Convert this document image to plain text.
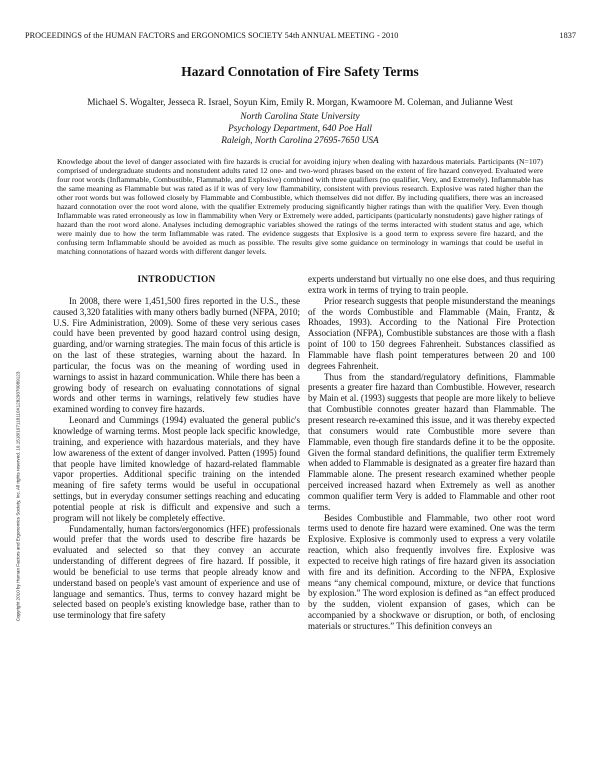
PROCEEDINGS of the HUMAN FACTORS and ERGONOMICS SOCIETY 54th ANNUAL MEETING - 2010	1837
Hazard Connotation of Fire Safety Terms
Michael S. Wogalter, Jesseca R. Israel, Soyun Kim, Emily R. Morgan, Kwamoore M. Coleman, and Julianne West
North Carolina State University
Psychology Department, 640 Poe Hall
Raleigh, North Carolina 27695-7650 USA

Knowledge about the level of danger associated with fire hazards is crucial for avoiding injury when dealing with hazardous materials. Participants (N=107) comprised of undergraduate students and nonstudent adults rated 12 one- and two-word phrases based on the extent of fire hazard conveyed. Evaluated were four root words (Inflammable, Combustible, Flammable, and Explosive) combined with three qualifiers (no qualifier, Very, and Extremely). Inflammable has the same meaning as Flammable but was rated as if it was of very low flammability, consistent with previous research. Explosive was rated higher than the other root words but was followed closely by Flammable and Combustible, which themselves did not differ. By including qualifiers, there was an increased hazard connotation over the root word alone, with the qualifier Extremely producing significantly higher ratings than with the qualifier Very. Even though Inflammable was rated erroneously as low in flammability when Very or Extremely were added, participants (particularly nonstudents) gave higher ratings of hazard than the root word alone. Analyses including demographic variables showed the ratings of the terms interacted with student status and age, which were mainly due to how the term Inflammable was rated. The evidence suggests that Explosive is a good term to express severe fire hazard, and the confusing term Inflammable should be avoided as much as possible. The results give some guidance on terminology in warnings that could be useful in matching connotations of hazard words with different danger levels.

Copyright 2010 by Human Factors and Ergonomics Society, Inc. All rights reserved. 10.1518/107118110X12829370089123
INTRODUCTION

In 2008, there were 1,451,500 fires reported in the U.S., these caused 3,320 fatalities with many others badly burned (NFPA, 2010; U.S. Fire Administration, 2009). Some of these very serious cases could have been prevented by good hazard control using design, guarding, and/or warning strategies. The main focus of this article is on the last of these strategies, warning about the hazard. In particular, the focus was on the meaning of wording used in warnings to assist in hazard communication. While there has been a growing body of research on evaluating connotations of signal words and other terms in warnings, relatively few studies have examined wording to convey fire hazards.

Leonard and Cummings (1994) evaluated the general public's knowledge of warning terms. Most people lack specific knowledge, training, and experience with hazardous materials, and they have low awareness of the extent of danger involved. Patten (1995) found that people have limited knowledge of hazard-related flammable vapor properties. Additional specific training on the intended meaning of fire safety terms would be useful in occupational settings, but in everyday consumer settings reaching and educating potential people at risk is difficult and expensive and such a program will not likely be completely effective.

Fundamentally, human factors/ergonomics (HFE) professionals would prefer that the words used to describe fire hazards be evaluated and selected so that they convey an accurate understanding of different degrees of fire hazard. If possible, it would be beneficial to use terms that people already know and understand based on people's vast amount of experience and use of language and semantics. Thus, terms to convey hazard might be selected based on people's existing knowledge base, rather than to use terminology that fire safety

experts understand but virtually no one else does, and thus requiring extra work in terms of trying to train people.

Prior research suggests that people misunderstand the meanings of the words Combustible and Flammable (Main, Frantz, & Rhoades, 1993). According to the National Fire Protection Association (NFPA), Combustible substances are those with a flash point of 100 to 150 degrees Fahrenheit. Substances classified as Flammable have flash point temperatures between 20 and 100 degrees Fahrenheit.

Thus from the standard/regulatory definitions, Flammable presents a greater fire hazard than Combustible. However, research by Main et al. (1993) suggests that people are more likely to believe that Combustible connotes greater hazard than Flammable. The present research re-examined this issue, and it was thereby expected that consumers would rate Combustible more severe than Flammable, even though fire standards define it to be the opposite. Given the formal standard definitions, the qualifier term Extremely when added to Flammable is designated as a greater fire hazard than Flammable alone. The present research examined whether people perceived increased hazard when Extremely as well as another common qualifier term Very is added to Flammable and other root terms.

Besides Combustible and Flammable, two other root word terms used to denote fire hazard were examined. One was the term Explosive. Explosive is commonly used to express a very volatile reaction, which also frequently involves fire. Explosive was expected to receive high ratings of fire hazard given its association with fire and its definition. According to the NFPA, Explosive means “any chemical compound, mixture, or device that functions by explosion.” The word explosion is defined as “an effect produced by the sudden, violent expansion of gases, which can be accompanied by a shockwave or disruption, or both, of enclosing materials or structures.” This definition conveys an
